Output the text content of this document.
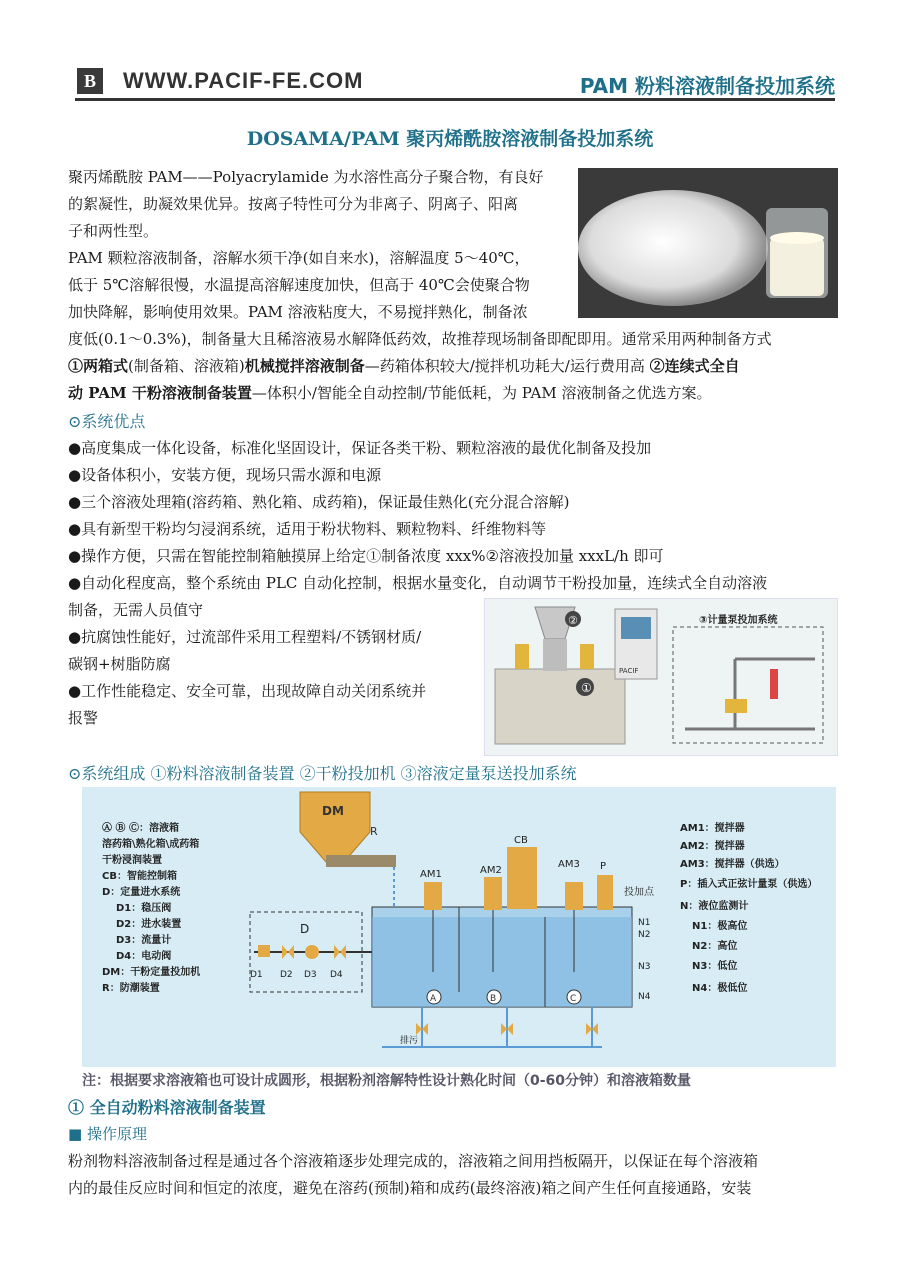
B	WWW.PACIF-FE.COM	PAM 粉料溶液制备投加系统
DOSAMA/PAM 聚丙烯酰胺溶液制备投加系统

聚丙烯酰胺 PAM——Polyacrylamide 为水溶性高分子聚合物，有良好

的絮凝性，助凝效果优异。按离子特性可分为非离子、阴离子、阳离

子和两性型。

PAM 颗粒溶液制备，溶解水须干净(如自来水)，溶解温度 5～40℃，

低于 5℃溶解很慢，水温提高溶解速度加快，但高于 40℃会使聚合物

加快降解，影响使用效果。PAM 溶液粘度大，不易搅拌熟化，制备浓

度低(0.1～0.3%)，制备量大且稀溶液易水解降低药效，故推荐现场制备即配即用。通常采用两种制备方式

①两箱式(制备箱、溶液箱)机械搅拌溶液制备—药箱体积较大/搅拌机功耗大/运行费用高 ②连续式全自

动 PAM 干粉溶液制备装置—体积小/智能全自动控制/节能低耗，为 PAM 溶液制备之优选方案。

⊙系统优点
●高度集成一体化设备，标准化坚固设计，保证各类干粉、颗粒溶液的最优化制备及投加
●设备体积小，安装方便，现场只需水源和电源
●三个溶液处理箱(溶药箱、熟化箱、成药箱)，保证最佳熟化(充分混合溶解)
●具有新型干粉均匀浸润系统，适用于粉状物料、颗粒物料、纤维物料等
●操作方便，只需在智能控制箱触摸屏上给定①制备浓度 xxx%②溶液投加量 xxxL/h 即可
●自动化程度高，整个系统由 PLC 自动化控制，根据水量变化，自动调节干粉投加量，连续式全自动溶液
制备，无需人员值守
●抗腐蚀性能好，过流部件采用工程塑料/不锈钢材质/
碳钢+树脂防腐
●工作性能稳定、安全可靠，出现故障自动关闭系统并
报警
①
②
PACIF
③计量泵投加系统
⊙系统组成 ①粉料溶液制备装置 ②干粉投加机 ③溶液定量泵送投加系统
Ⓐ Ⓑ Ⓒ：溶液箱
溶药箱\熟化箱\成药箱
干粉浸润装置
CB：智能控制箱
D：定量进水系统
D1：稳压阀
D2：进水装置
D3：流量计
D4：电动阀
DM：干粉定量投加机
R：防潮装置
AM1：搅拌器
AM2：搅拌器
AM3：搅拌器（供选）
P：插入式正弦计量泵（供选）
N：液位监测计
N1：极高位
N2：高位
N3：低位
N4：极低位
DM
R
AM1	AM2
AM3
CB
P
投加点
A	B	C
N1
N2
N3
N4
D
D1 D2 D3 D4
排污
注：根据要求溶液箱也可设计成圆形，根据粉剂溶解特性设计熟化时间（0-60分钟）和溶液箱数量
① 全自动粉料溶液制备装置
■ 操作原理

粉剂物料溶液制备过程是通过各个溶液箱逐步处理完成的，溶液箱之间用挡板隔开，以保证在每个溶液箱

内的最佳反应时间和恒定的浓度，避免在溶药(预制)箱和成药(最终溶液)箱之间产生任何直接通路，安装
